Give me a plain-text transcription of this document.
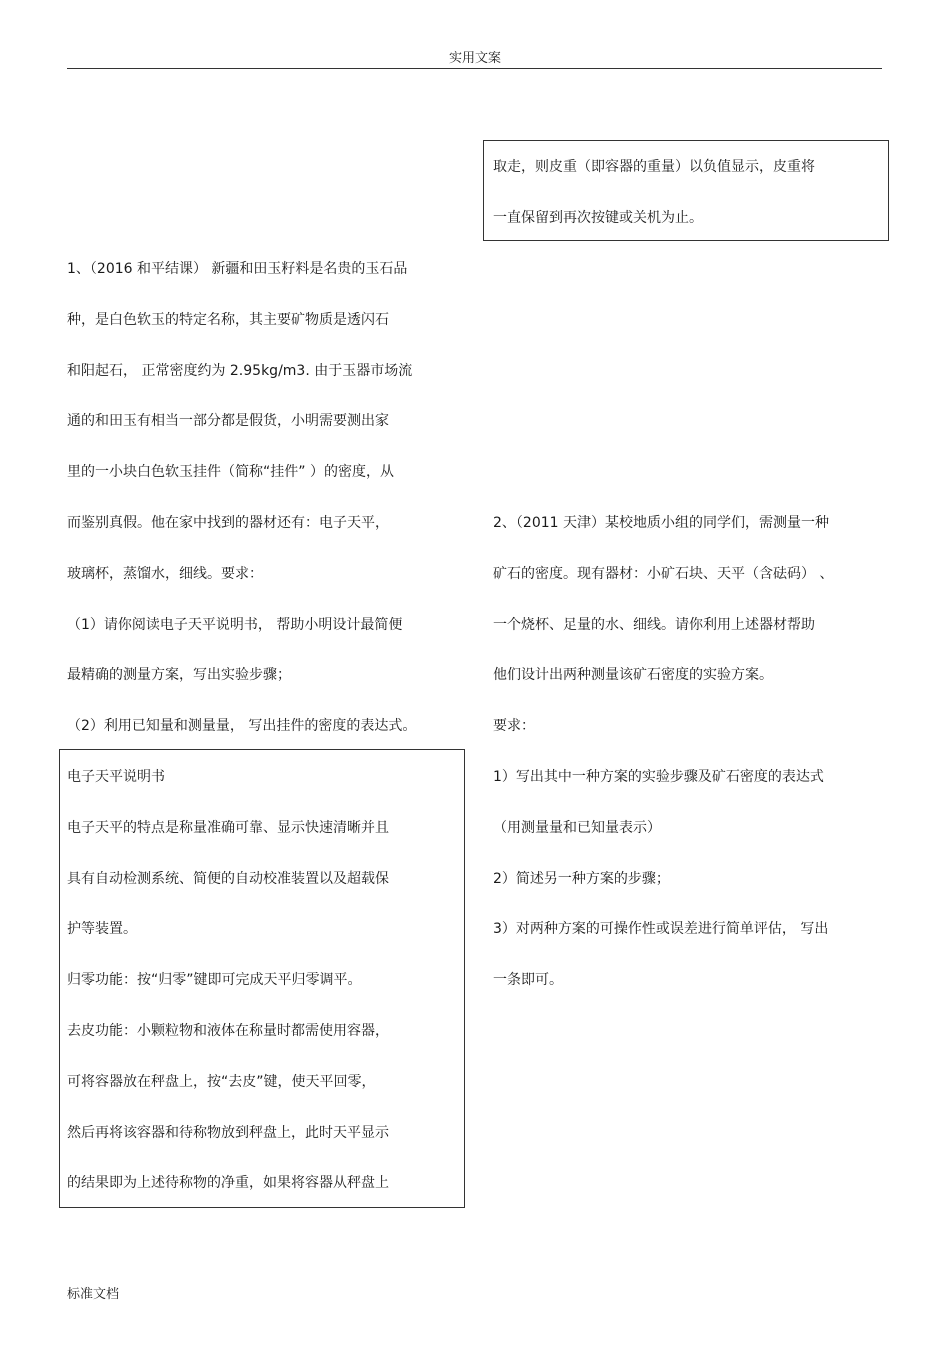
实用文案
取走，则皮重（即容器的重量）以负值显示，皮重将
一直保留到再次按键或关机为止。
1、（2016 和平结课） 新疆和田玉籽料是名贵的玉石品
种，是白色软玉的特定名称，其主要矿物质是透闪石
和阳起石， 正常密度约为 2.95kg/m3. 由于玉器市场流
通的和田玉有相当一部分都是假货，小明需要测出家
里的一小块白色软玉挂件（简称“挂件” ）的密度，从
而鉴别真假。他在家中找到的器材还有：电子天平，
玻璃杯，蒸馏水，细线。要求：
（1）请你阅读电子天平说明书， 帮助小明设计最简便
最精确的测量方案，写出实验步骤；
（2）利用已知量和测量量， 写出挂件的密度的表达式。
电子天平说明书
电子天平的特点是称量准确可靠、显示快速清晰并且
具有自动检测系统、简便的自动校准装置以及超载保
护等装置。
归零功能：按“归零”键即可完成天平归零调平。
去皮功能：小颗粒物和液体在称量时都需使用容器，
可将容器放在秤盘上，按“去皮”键，使天平回零，
然后再将该容器和待称物放到秤盘上，此时天平显示
的结果即为上述待称物的净重，如果将容器从秤盘上
2、（2011 天津）某校地质小组的同学们，需测量一种
矿石的密度。现有器材：小矿石块、天平（含砝码） 、
一个烧杯、足量的水、细线。请你利用上述器材帮助
他们设计出两种测量该矿石密度的实验方案。
要求：
1）写出其中一种方案的实验步骤及矿石密度的表达式
（用测量量和已知量表示）
2）简述另一种方案的步骤；
3）对两种方案的可操作性或误差进行简单评估， 写出
一条即可。
标准文档
